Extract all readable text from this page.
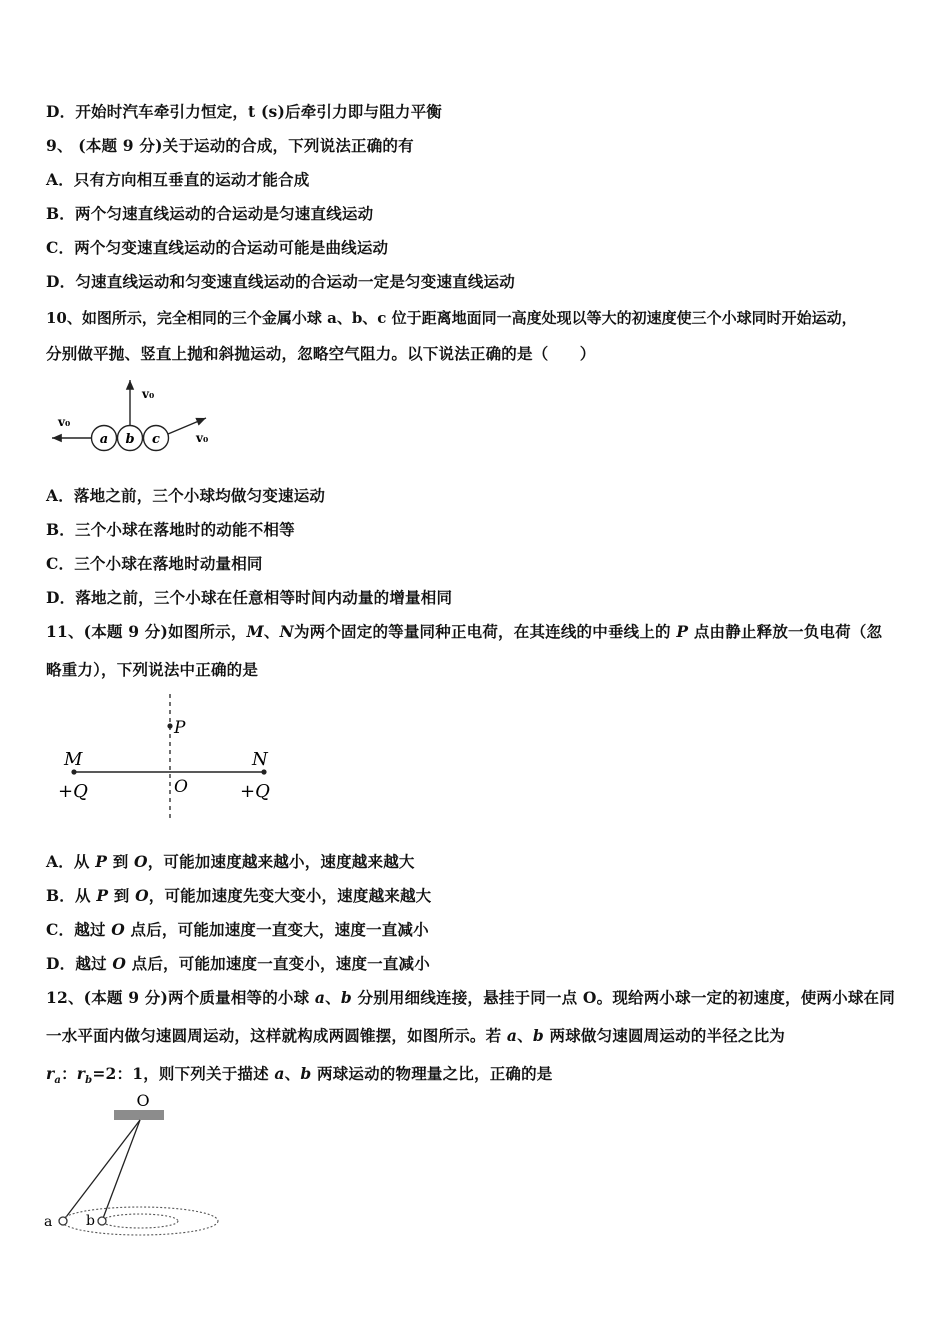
D．开始时汽车牵引力恒定，t (s)后牵引力即与阻力平衡
9、 (本题 9 分)关于运动的合成，下列说法正确的有
A．只有方向相互垂直的运动才能合成
B．两个匀速直线运动的合运动是匀速直线运动
C．两个匀变速直线运动的合运动可能是曲线运动
D．匀速直线运动和匀变速直线运动的合运动一定是匀变速直线运动
10、如图所示，完全相同的三个金属小球 a、b、c 位于距离地面同一高度处现以等大的初速度使三个小球同时开始运动，
分别做平抛、竖直上抛和斜抛运动，忽略空气阻力。以下说法正确的是（　　）
a b c
v₀
v₀
v₀
A．落地之前，三个小球均做匀变速运动
B．三个小球在落地时的动能不相等
C．三个小球在落地时动量相同
D．落地之前，三个小球在任意相等时间内动量的增量相同
11、(本题 9 分)如图所示，M、N为两个固定的等量同种正电荷，在其连线的中垂线上的 P 点由静止释放一负电荷（忽
略重力），下列说法中正确的是
P
M	N
O
+Q	+Q
A．从 P 到 O，可能加速度越来越小，速度越来越大
B．从 P 到 O，可能加速度先变大变小，速度越来越大
C．越过 O 点后，可能加速度一直变大，速度一直减小
D．越过 O 点后，可能加速度一直变小，速度一直减小
12、(本题 9 分)两个质量相等的小球 a、b 分别用细线连接，悬挂于同一点 O。现给两小球一定的初速度，使两小球在同
一水平面内做匀速圆周运动，这样就构成两圆锥摆，如图所示。若 a、b 两球做匀速圆周运动的半径之比为
$r_a$：$r_b=2$：1，则下列关于描述 a、b 两球运动的物理量之比，正确的是
O
a b
